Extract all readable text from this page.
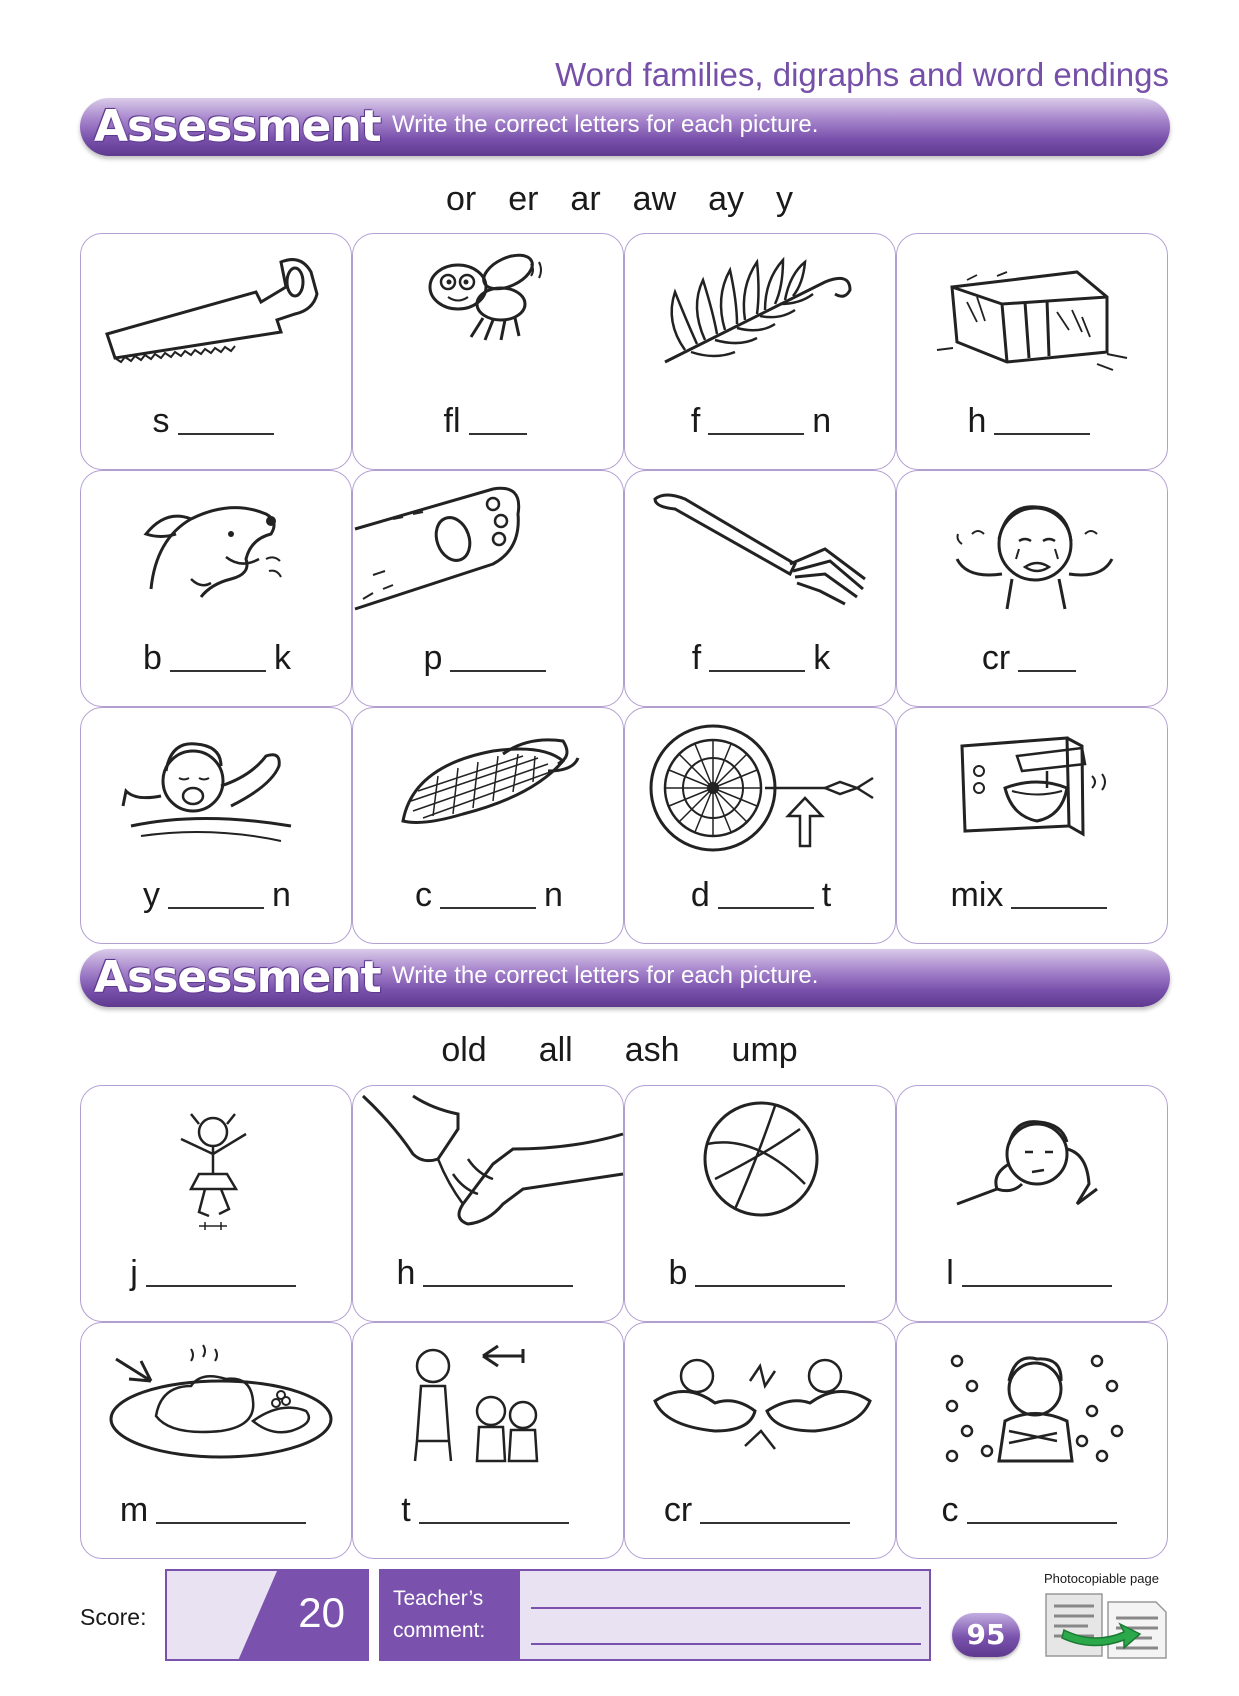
Word families, digraphs and word endings
Assessment Write the correct letters for each picture.
or er ar aw ay y
s	fl	f	n	h
b	k	p	f	k	cr
y	n	c	n	d	t	mix
Assessment Write the correct letters for each picture.
old all ash ump
j	h	b	l
m	t	cr	c
Score:	20 Teacher’s
comment:	95
Photocopiable page
